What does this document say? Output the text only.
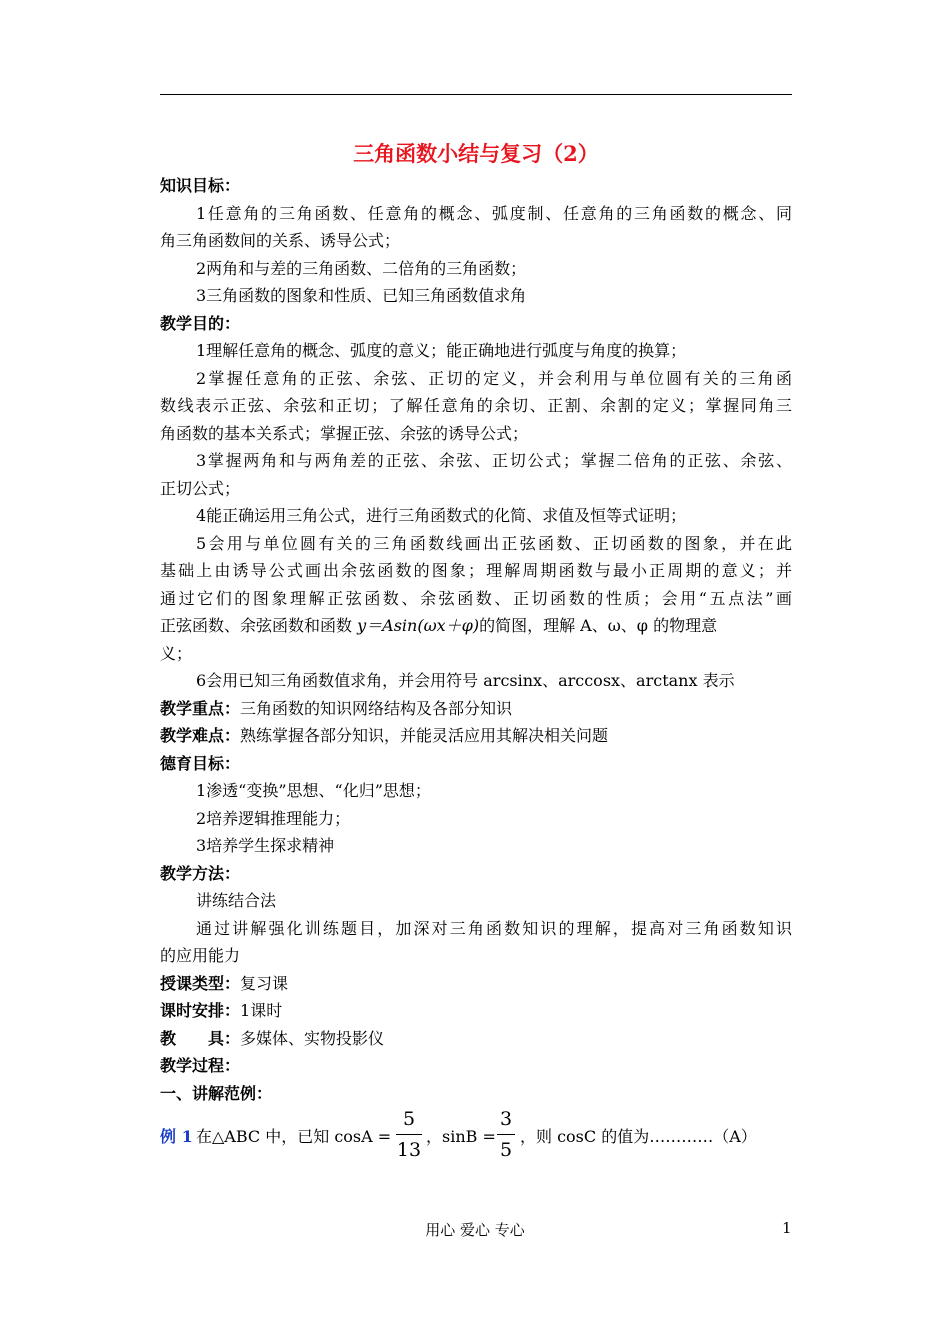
三角函数小结与复习（2）
知识目标：
1任意角的三角函数、任意角的概念、弧度制、任意角的三角函数的概念、同
角三角函数间的关系、诱导公式；
2两角和与差的三角函数、二倍角的三角函数；
3三角函数的图象和性质、已知三角函数值求角
教学目的：
1理解任意角的概念、弧度的意义；能正确地进行弧度与角度的换算；
2掌握任意角的正弦、余弦、正切的定义，并会利用与单位圆有关的三角函
数线表示正弦、余弦和正切；了解任意角的余切、正割、余割的定义；掌握同角三
角函数的基本关系式；掌握正弦、余弦的诱导公式；
3掌握两角和与两角差的正弦、余弦、正切公式；掌握二倍角的正弦、余弦、
正切公式；
4能正确运用三角公式，进行三角函数式的化简、求值及恒等式证明；
5会用与单位圆有关的三角函数线画出正弦函数、正切函数的图象，并在此
基础上由诱导公式画出余弦函数的图象；理解周期函数与最小正周期的意义；并
通过它们的图象理解正弦函数、余弦函数、正切函数的性质；会用“五点法”画
正弦函数、余弦函数和函数 y＝Asin(ωx＋φ)的简图，理解 A、ω、φ 的物理意
义；
6会用已知三角函数值求角，并会用符号 arcsinx、arccosx、arctanx 表示
教学重点：三角函数的知识网络结构及各部分知识
教学难点：熟练掌握各部分知识，并能灵活应用其解决相关问题
德育目标：
1渗透“变换”思想、“化归”思想；
2培养逻辑推理能力；
3培养学生探求精神
教学方法：
讲练结合法
通过讲解强化训练题目，加深对三角函数知识的理解，提高对三角函数知识
的应用能力
授课类型：复习课
课时安排：1课时
教　　具：多媒体、实物投影仪
教学过程：
一、讲解范例：
例 1 在△ABC 中，已知 cosA =
5
13
，sinB =
3
5
，则 cosC 的值为…………（A）
用心 爱心 专心	1
